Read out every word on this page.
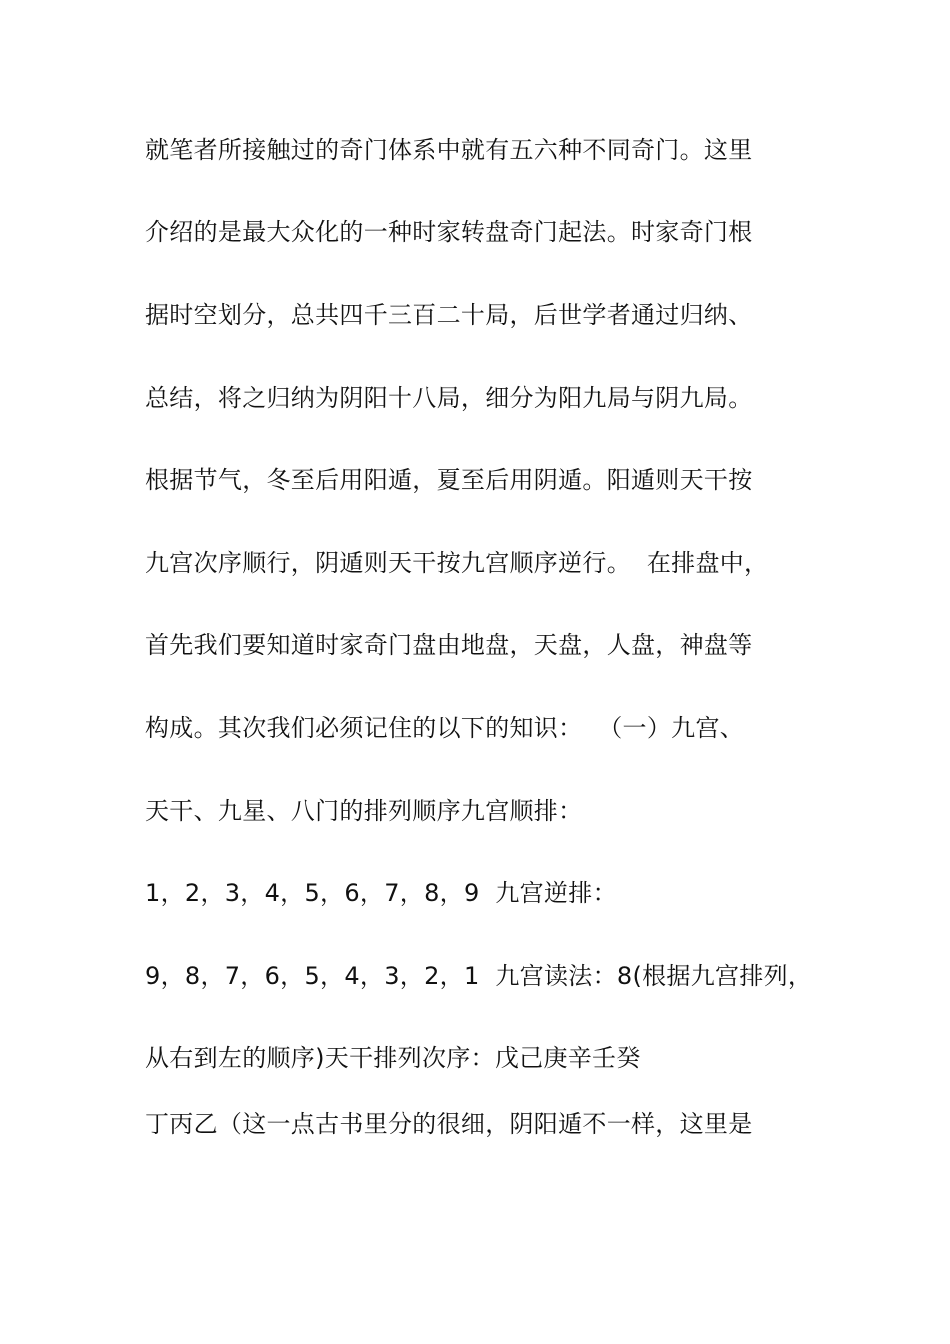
就笔者所接触过的奇门体系中就有五六种不同奇门。这里
介绍的是最大众化的一种时家转盘奇门起法。时家奇门根
据时空划分，总共四千三百二十局，后世学者通过归纳、
总结，将之归纳为阴阳十八局，细分为阳九局与阴九局。
根据节气，冬至后用阳遁，夏至后用阴遁。阳遁则天干按
九宫次序顺行，阴遁则天干按九宫顺序逆行。  在排盘中，
首先我们要知道时家奇门盘由地盘，天盘，人盘，神盘等
构成。其次我们必须记住的以下的知识：  （一）九宫、
天干、九星、八门的排列顺序九宫顺排：
1，2，3，4，5，6，7，8，9  九宫逆排：
9，8，7，6，5，4，3，2，1  九宫读法：8(根据九宫排列，
从右到左的顺序)天干排列次序：戊己庚辛壬癸
丁丙乙（这一点古书里分的很细，阴阳遁不一样，这里是
